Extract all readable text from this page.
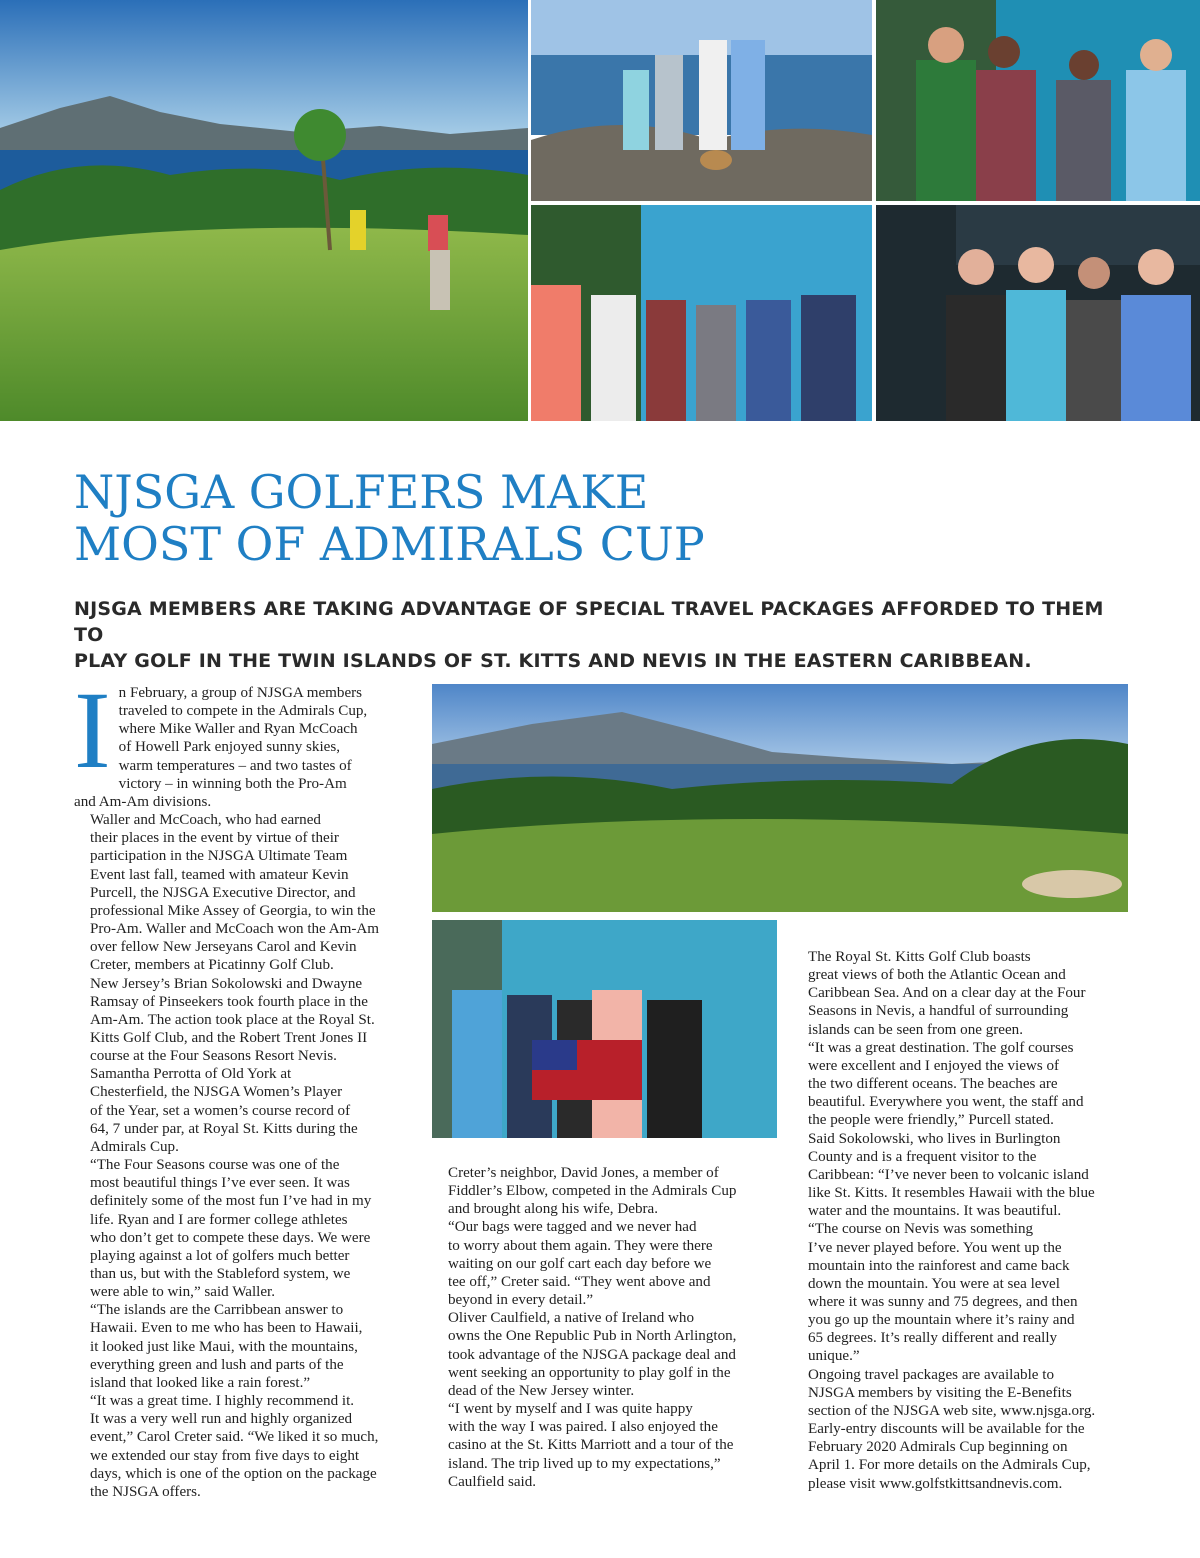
NJSGA GOLFERS MAKE
MOST OF ADMIRALS CUP
NJSGA MEMBERS ARE TAKING ADVANTAGE OF SPECIAL TRAVEL PACKAGES AFFORDED TO THEM TO
PLAY GOLF IN THE TWIN ISLANDS OF ST. KITTS AND NEVIS IN THE EASTERN CARIBBEAN.
I n February, a group of NJSGA members
traveled to compete in the Admirals Cup,
where Mike Waller and Ryan McCoach
of Howell Park enjoyed sunny skies,
warm temperatures – and two tastes of
victory – in winning both the Pro-Am
and Am-Am divisions.

Waller and McCoach, who had earned
their places in the event by virtue of their
participation in the NJSGA Ultimate Team
Event last fall, teamed with amateur Kevin
Purcell, the NJSGA Executive Director, and
professional Mike Assey of Georgia, to win the
Pro-Am. Waller and McCoach won the Am-Am
over fellow New Jerseyans Carol and Kevin
Creter, members at Picatinny Golf Club.

New Jersey’s Brian Sokolowski and Dwayne
Ramsay of Pinseekers took fourth place in the
Am-Am. The action took place at the Royal St.
Kitts Golf Club, and the Robert Trent Jones II
course at the Four Seasons Resort Nevis.

Samantha Perrotta of Old York at
Chesterfield, the NJSGA Women’s Player
of the Year, set a women’s course record of
64, 7 under par, at Royal St. Kitts during the
Admirals Cup.

“The Four Seasons course was one of the
most beautiful things I’ve ever seen. It was
definitely some of the most fun I’ve had in my
life. Ryan and I are former college athletes
who don’t get to compete these days. We were
playing against a lot of golfers much better
than us, but with the Stableford system, we
were able to win,” said Waller.

“The islands are the Carribbean answer to
Hawaii. Even to me who has been to Hawaii,
it looked just like Maui, with the mountains,
everything green and lush and parts of the
island that looked like a rain forest.”

“It was a great time. I highly recommend it.
It was a very well run and highly organized
event,” Carol Creter said. “We liked it so much,
we extended our stay from five days to eight
days, which is one of the option on the package
the NJSGA offers.

Creter’s neighbor, David Jones, a member of
Fiddler’s Elbow, competed in the Admirals Cup
and brought along his wife, Debra.

“Our bags were tagged and we never had
to worry about them again. They were there
waiting on our golf cart each day before we
tee off,” Creter said. “They went above and
beyond in every detail.”

Oliver Caulfield, a native of Ireland who
owns the One Republic Pub in North Arlington,
took advantage of the NJSGA package deal and
went seeking an opportunity to play golf in the
dead of the New Jersey winter.

“I went by myself and I was quite happy
with the way I was paired. I also enjoyed the
casino at the St. Kitts Marriott and a tour of the
island. The trip lived up to my expectations,”
Caulfield said.

The Royal St. Kitts Golf Club boasts
great views of both the Atlantic Ocean and
Caribbean Sea. And on a clear day at the Four
Seasons in Nevis, a handful of surrounding
islands can be seen from one green.

“It was a great destination. The golf courses
were excellent and I enjoyed the views of
the two different oceans. The beaches are
beautiful. Everywhere you went, the staff and
the people were friendly,” Purcell stated.

Said Sokolowski, who lives in Burlington
County and is a frequent visitor to the
Caribbean: “I’ve never been to volcanic island
like St. Kitts. It resembles Hawaii with the blue
water and the mountains. It was beautiful.

“The course on Nevis was something
I’ve never played before. You went up the
mountain into the rainforest and came back
down the mountain. You were at sea level
where it was sunny and 75 degrees, and then
you go up the mountain where it’s rainy and
65 degrees. It’s really different and really
unique.”

Ongoing travel packages are available to
NJSGA members by visiting the E-Benefits
section of the NJSGA web site, www.njsga.org.
Early-entry discounts will be available for the
February 2020 Admirals Cup beginning on
April 1. For more details on the Admirals Cup,
please visit www.golfstkittsandnevis.com.
